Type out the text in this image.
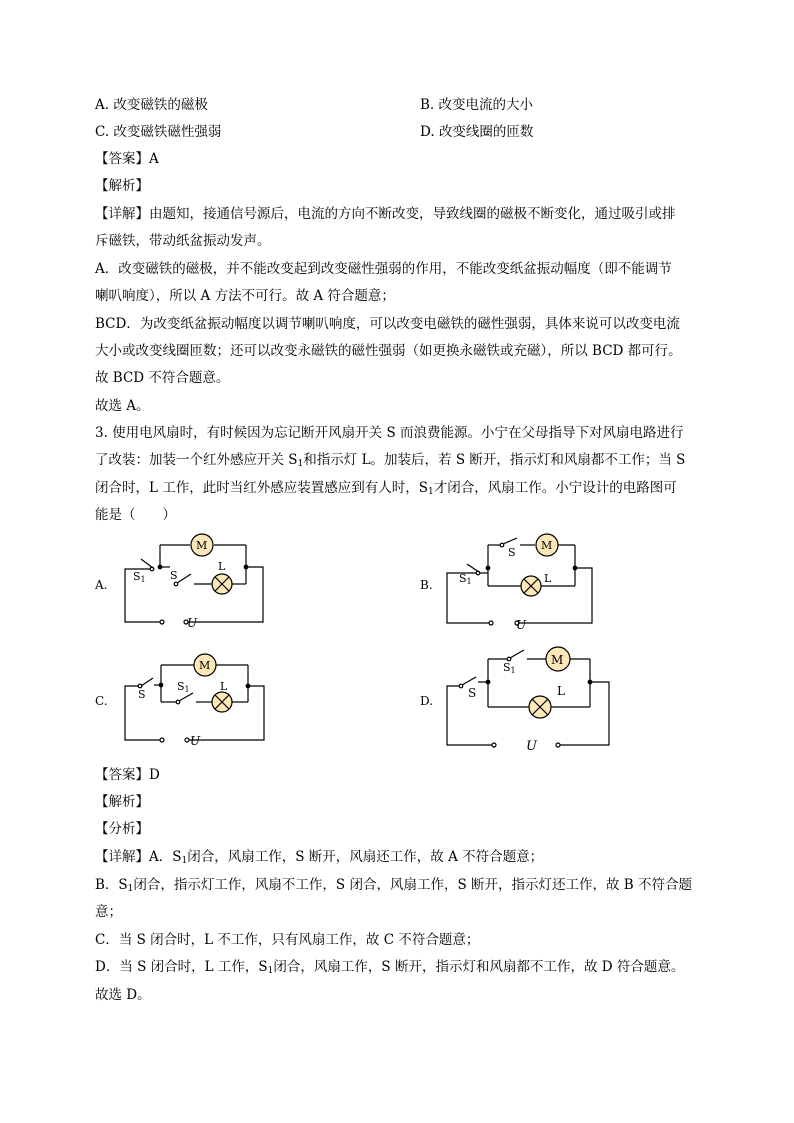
A. 改变磁铁的磁极	B. 改变电流的大小
C. 改变磁铁磁性强弱	D. 改变线圈的匝数
【答案】A
【解析】
【详解】由题知，接通信号源后，电流的方向不断改变，导致线圈的磁极不断变化，通过吸引或排
斥磁铁，带动纸盆振动发声。
A．改变磁铁的磁极，并不能改变起到改变磁性强弱的作用，不能改变纸盆振动幅度（即不能调节
喇叭响度），所以 A 方法不可行。故 A 符合题意；
BCD．为改变纸盆振动幅度以调节喇叭响度，可以改变电磁铁的磁性强弱，具体来说可以改变电流
大小或改变线圈匝数；还可以改变永磁铁的磁性强弱（如更换永磁铁或充磁），所以 BCD 都可行。
故 BCD 不符合题意。
故选 A。
3. 使用电风扇时，有时候因为忘记断开风扇开关 S 而浪费能源。小宁在父母指导下对风扇电路进行
了改装：加装一个红外感应开关 $S_1$和指示灯 L。加装后，若 S 断开，指示灯和风扇都不工作；当 S
闭合时，L 工作，此时当红外感应装置感应到有人时，$S_1$才闭合，风扇工作。小宁设计的电路图可
能是（　　）
A.
U
S1
M
S
L
B.
U
S1
S
M
L
C.
U
S
M
S1	L
D.
U
S
S1
M
L
【答案】D
【解析】
【分析】
【详解】A．$S_1$闭合，风扇工作，S 断开，风扇还工作，故 A 不符合题意；
B．$S_1$闭合，指示灯工作，风扇不工作，S 闭合，风扇工作，S 断开，指示灯还工作，故 B 不符合题
意；
C．当 S 闭合时，L 不工作，只有风扇工作，故 C 不符合题意；
D．当 S 闭合时，L 工作，$S_1$闭合，风扇工作，S 断开，指示灯和风扇都不工作，故 D 符合题意。
故选 D。
